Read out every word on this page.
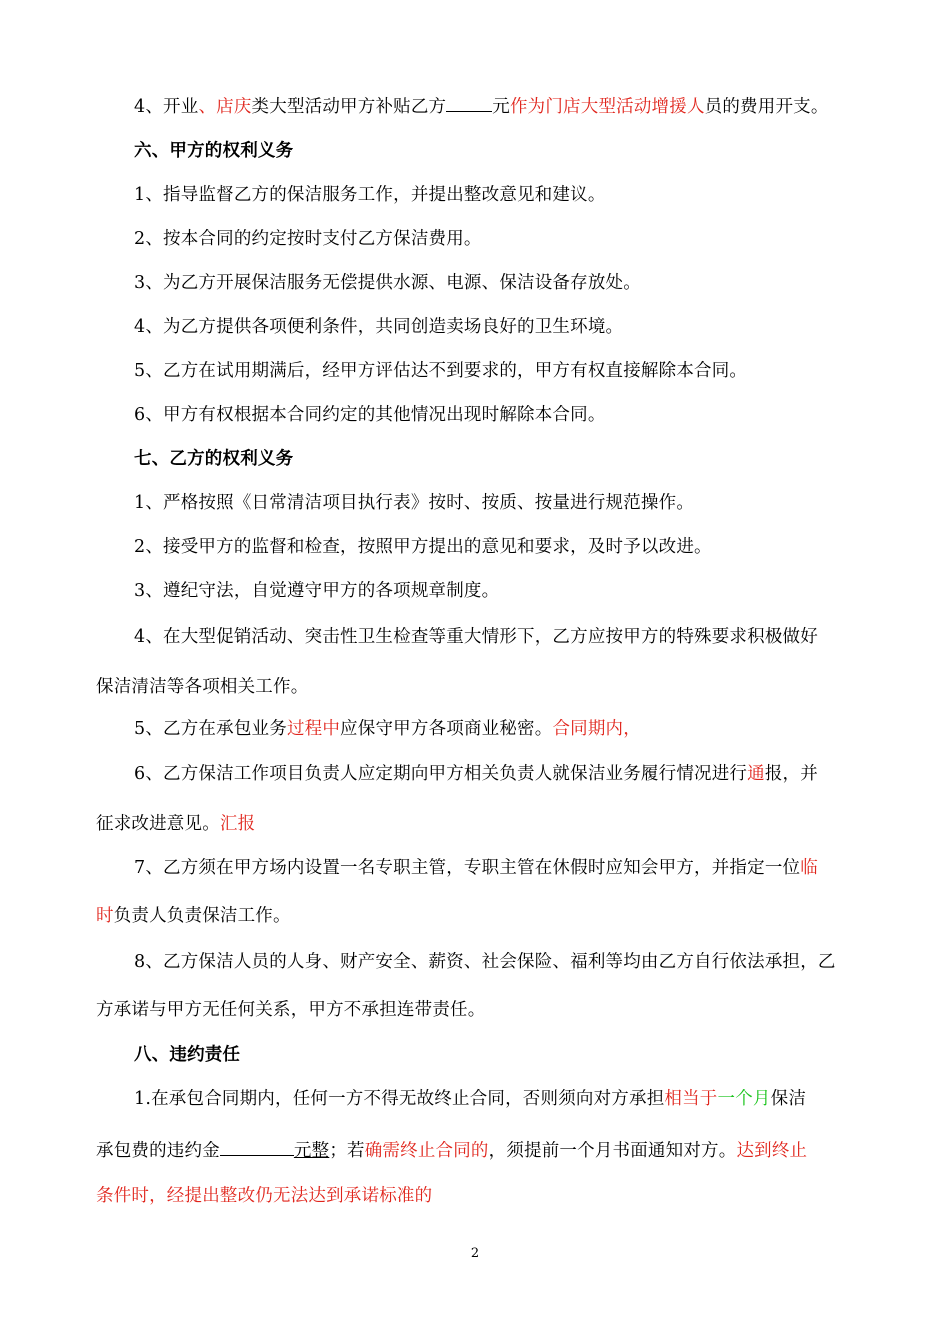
4、开业、店庆类大型活动甲方补贴乙方	元作为门店大型活动增援人员的费用开支。
六、甲方的权利义务
1、指导监督乙方的保洁服务工作，并提出整改意见和建议。
2、按本合同的约定按时支付乙方保洁费用。
3、为乙方开展保洁服务无偿提供水源、电源、保洁设备存放处。
4、为乙方提供各项便利条件，共同创造卖场良好的卫生环境。
5、乙方在试用期满后，经甲方评估达不到要求的，甲方有权直接解除本合同。
6、甲方有权根据本合同约定的其他情况出现时解除本合同。
七、乙方的权利义务
1、严格按照《日常清洁项目执行表》按时、按质、按量进行规范操作。
2、接受甲方的监督和检查，按照甲方提出的意见和要求，及时予以改进。
3、遵纪守法，自觉遵守甲方的各项规章制度。
4、在大型促销活动、突击性卫生检查等重大情形下，乙方应按甲方的特殊要求积极做好
保洁清洁等各项相关工作。
5、乙方在承包业务过程中应保守甲方各项商业秘密。合同期内，
6、乙方保洁工作项目负责人应定期向甲方相关负责人就保洁业务履行情况进行通报，并
征求改进意见。汇报
7、乙方须在甲方场内设置一名专职主管，专职主管在休假时应知会甲方，并指定一位临
时负责人负责保洁工作。
8、乙方保洁人员的人身、财产安全、薪资、社会保险、福利等均由乙方自行依法承担，乙
方承诺与甲方无任何关系，甲方不承担连带责任。
八、违约责任
1.在承包合同期内，任何一方不得无故终止合同，否则须向对方承担相当于一个月保洁
承包费的违约金	元整；若确需终止合同的，须提前一个月书面通知对方。达到终止
条件时，经提出整改仍无法达到承诺标准的
2
